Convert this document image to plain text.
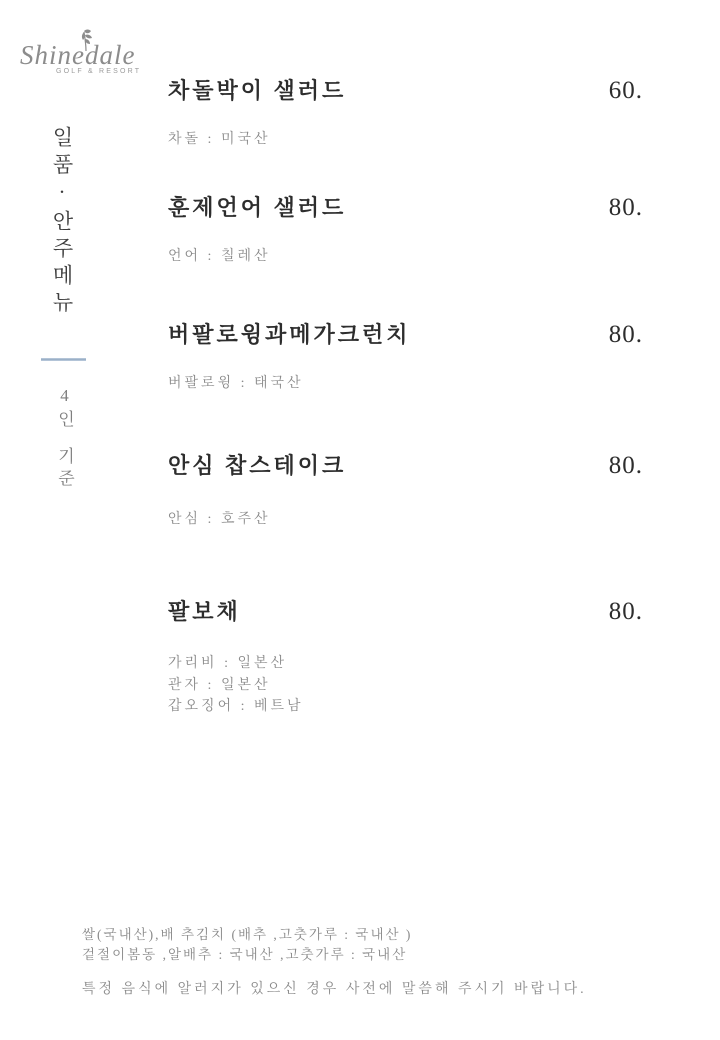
Shinedale
GOLF & RESORT
일품·안주메뉴
4인
기준
차돌박이 샐러드	60.
차돌 : 미국산
훈제언어 샐러드	80.
언어 : 칠레산
버팔로윙과메가크런치	80.
버팔로윙 : 태국산
안심 찹스테이크	80.
안심 : 호주산
팔보채	80.
가리비 : 일본산
관자 : 일본산
갑오징어 : 베트남
쌀(국내산),배 추김치 (배추 ,고춧가루 : 국내산 )
겉절이봄동 ,알배추 : 국내산 ,고춧가루 : 국내산
특정 음식에 알러지가 있으신 경우 사전에 말씀해 주시기 바랍니다.
